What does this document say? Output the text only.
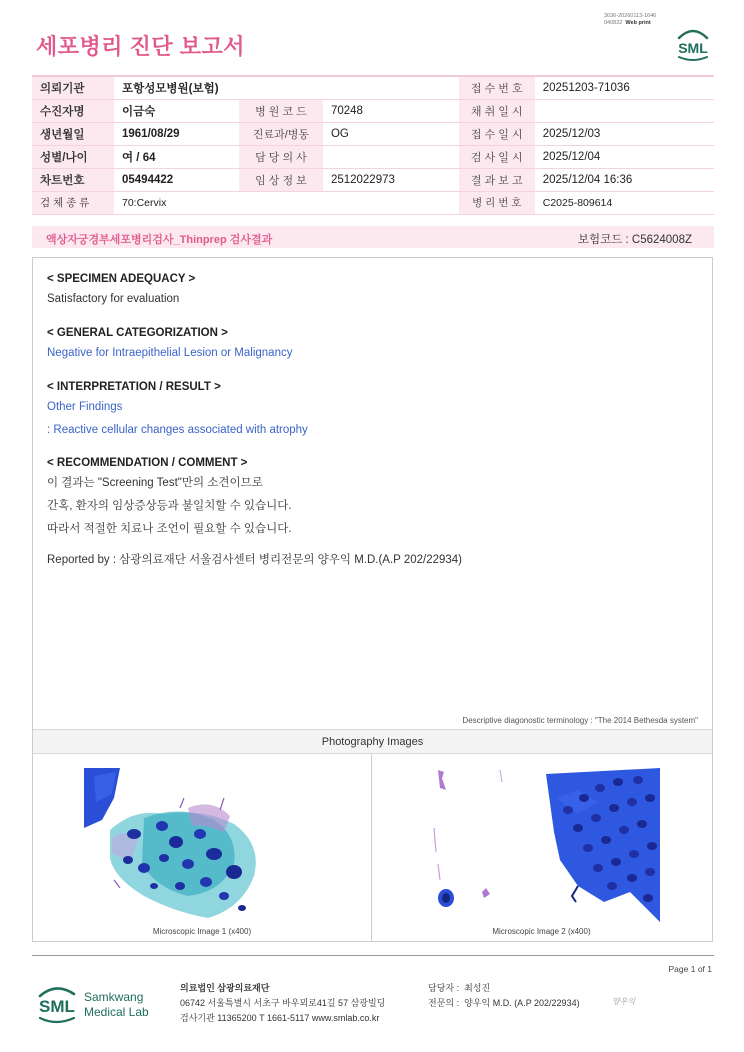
3036-20260113-1646
040822 Web print
세포병리 진단 보고서	SML
의뢰기관	포항성모병원(보험)			접 수 번 호	20251203-71036
수진자명	이금숙	병 원 코 드	70248	채 취 일 시	
생년월일	1961/08/29	진료과/병동	OG	접 수 일 시	2025/12/03
성별/나이	여 / 64	담 당 의 사		검 사 일 시	2025/12/04
차트번호	05494422	임 상 정 보	2512022973	결 과 보 고	2025/12/04 16:36
검 체 종 류	70:Cervix			병 리 번 호	C2025-809614
액상자궁경부세포병리검사_Thinprep 검사결과	보험코드 : C5624008Z
< SPECIMEN ADEQUACY >
Satisfactory for evaluation
< GENERAL CATEGORIZATION >
Negative for Intraepithelial Lesion or Malignancy
< INTERPRETATION / RESULT >
Other Findings
: Reactive cellular changes associated with atrophy
< RECOMMENDATION / COMMENT >
이 결과는 "Screening Test"만의 소견이므로
간혹, 환자의 임상증상등과 불일치할 수 있습니다.
따라서 적절한 치료나 조언이 필요할 수 있습니다.
Reported by : 삼광의료재단 서울검사센터 병리전문의 양우익 M.D.(A.P 202/22934)
Descriptive diagonostic terminology : "The 2014 Bethesda system"
Photography Images
Microscopic Image 1 (x400)	Microscopic Image 2 (x400)
Page 1 of 1
SML Samkwang
Medical Lab
의료법인 삼광의료재단
06742 서울특별시 서초구 바우뫼로41길 57 삼광빌딩
검사기관 11365200 T 1661-5117 www.smlab.co.kr
담당자 : 최성진
전문의 : 양우익 M.D. (A.P 202/22934)	양우익
